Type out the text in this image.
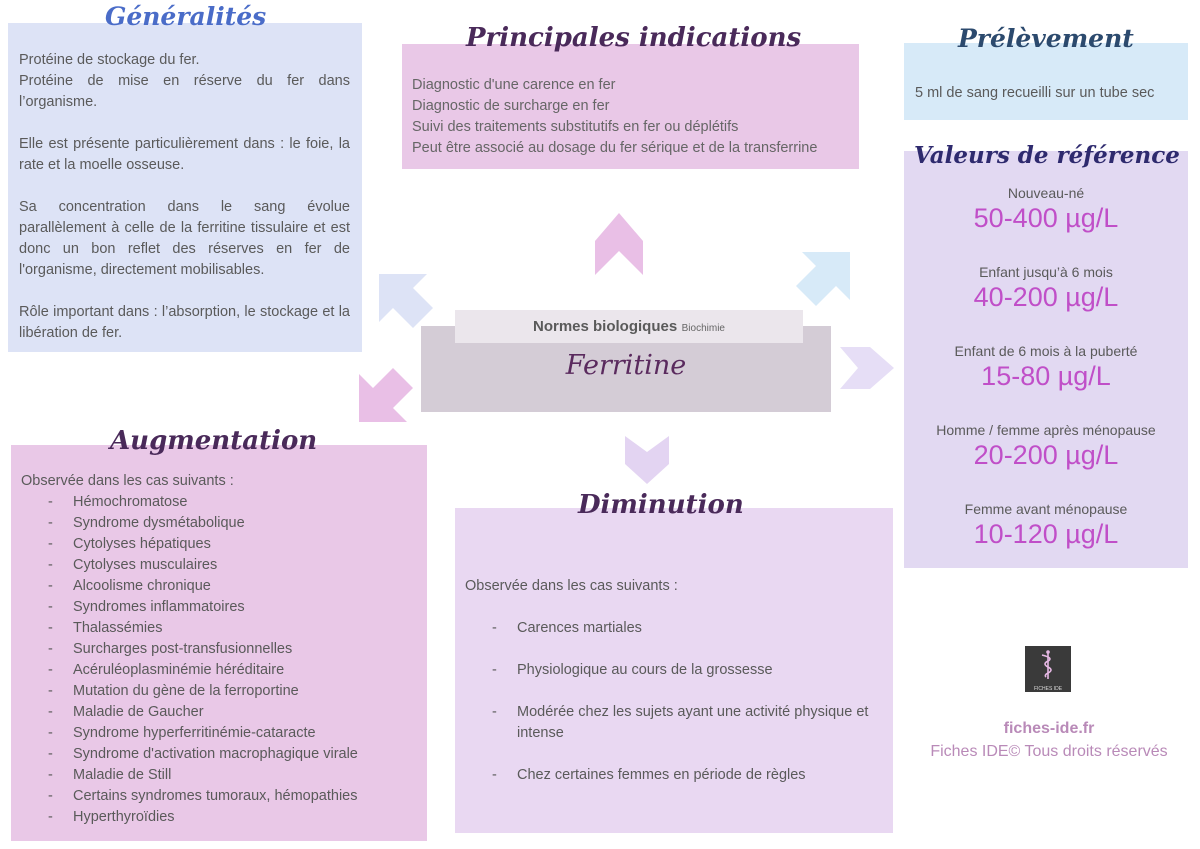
Protéine de stockage du fer.

Protéine de mise en réserve du fer dans l’organisme.

Elle est présente particulièrement dans : le foie, la rate et la moelle osseuse.

Sa concentration dans le sang évolue parallèlement à celle de la ferritine tissulaire et est donc un bon reflet des réserves en fer de l'organisme, directement mobilisables.

Rôle important dans : l’absorption, le stockage et la libération de fer.

Généralités

Diagnostic d'une carence en fer

Diagnostic de surcharge en fer

Suivi des traitements substitutifs en fer ou déplétifs

Peut être associé au dosage du fer sérique et de la transferrine

Principales indications

5 ml de sang recueilli sur un tube sec

Prélèvement
Nouveau-né
50-400 µg/L
Enfant jusqu’à 6 mois
40-200 µg/L
Enfant de 6 mois à la puberté
15-80 µg/L
Homme / femme après ménopause
20-200 µg/L
Femme avant ménopause
10-120 µg/L
Valeurs de référence
Normes biologiques Biochimie
Ferritine

Observée dans les cas suivants :

- Hémochromatose
- Syndrome dysmétabolique
- Cytolyses hépatiques
- Cytolyses musculaires
- Alcoolisme chronique
- Syndromes inflammatoires
- Thalassémies
- Surcharges post-transfusionnelles
- Acéruléoplasminémie héréditaire
- Mutation du gène de la ferroportine
- Maladie de Gaucher
- Syndrome hyperferritinémie-cataracte
- Syndrome d'activation macrophagique virale
- Maladie de Still
- Certains syndromes tumoraux, hémopathies
- Hyperthyroïdies
Augmentation

Observée dans les cas suivants :

- Carences martiales
- Physiologique au cours de la grossesse
- Modérée chez les sujets ayant une activité physique et intense
- Chez certaines femmes en période de règles
Diminution
FICHES IDE
fiches-ide.fr
Fiches IDE© Tous droits réservés
